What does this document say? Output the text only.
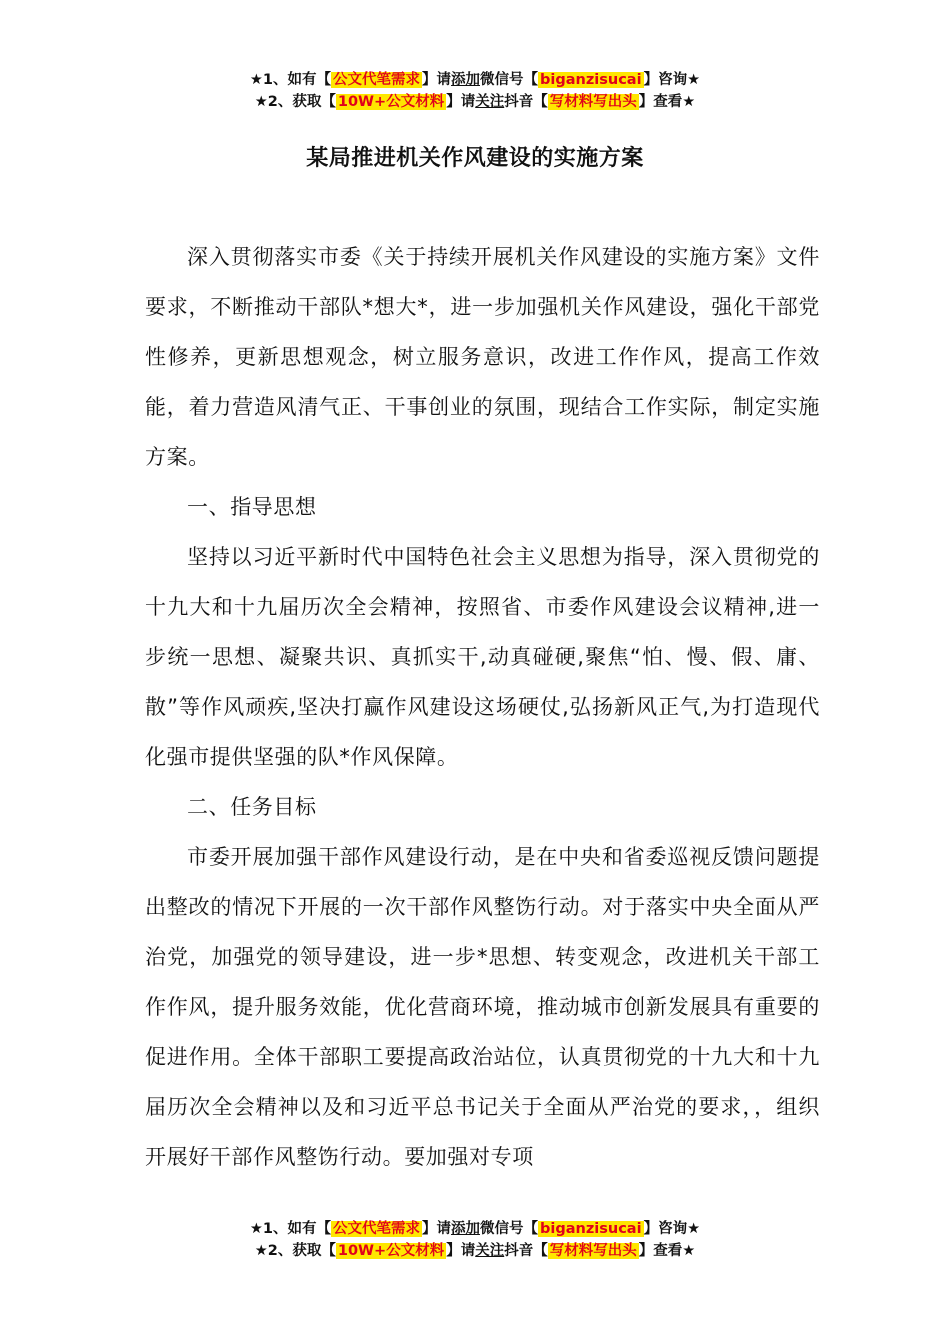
★1、如有【 公文代笔需求 】请添加微信号【 biganzisucai 】咨询★
★2、获取【 10W+公文材料 】请关注抖音【 写材料写出头 】查看★
某局推进机关作风建设的实施方案

深入贯彻落实市委《关于持续开展机关作风建设的实施方案》文件要求，不断推动干部队*想大*，进一步加强机关作风建设，强化干部党性修养，更新思想观念，树立服务意识，改进工作作风，提高工作效能，着力营造风清气正、干事创业的氛围，现结合工作实际，制定实施方案。

一、指导思想

坚持以习近平新时代中国特色社会主义思想为指导，深入贯彻党的十九大和十九届历次全会精神，按照省、市委作风建设会议精神,进一步统一思想、凝聚共识、真抓实干,动真碰硬,聚焦“怕、慢、假、庸、散”等作风顽疾,坚决打赢作风建设这场硬仗,弘扬新风正气,为打造现代化强市提供坚强的队*作风保障。

二、任务目标

市委开展加强干部作风建设行动，是在中央和省委巡视反馈问题提出整改的情况下开展的一次干部作风整饬行动。对于落实中央全面从严治党，加强党的领导建设，进一步*思想、转变观念，改进机关干部工作作风，提升服务效能，优化营商环境，推动城市创新发展具有重要的促进作用。全体干部职工要提高政治站位，认真贯彻党的十九大和十九届历次全会精神以及和习近平总书记关于全面从严治党的要求，，组织开展好干部作风整饬行动。要加强对专项

★1、如有【 公文代笔需求 】请添加微信号【 biganzisucai 】咨询★
★2、获取【 10W+公文材料 】请关注抖音【 写材料写出头 】查看★
